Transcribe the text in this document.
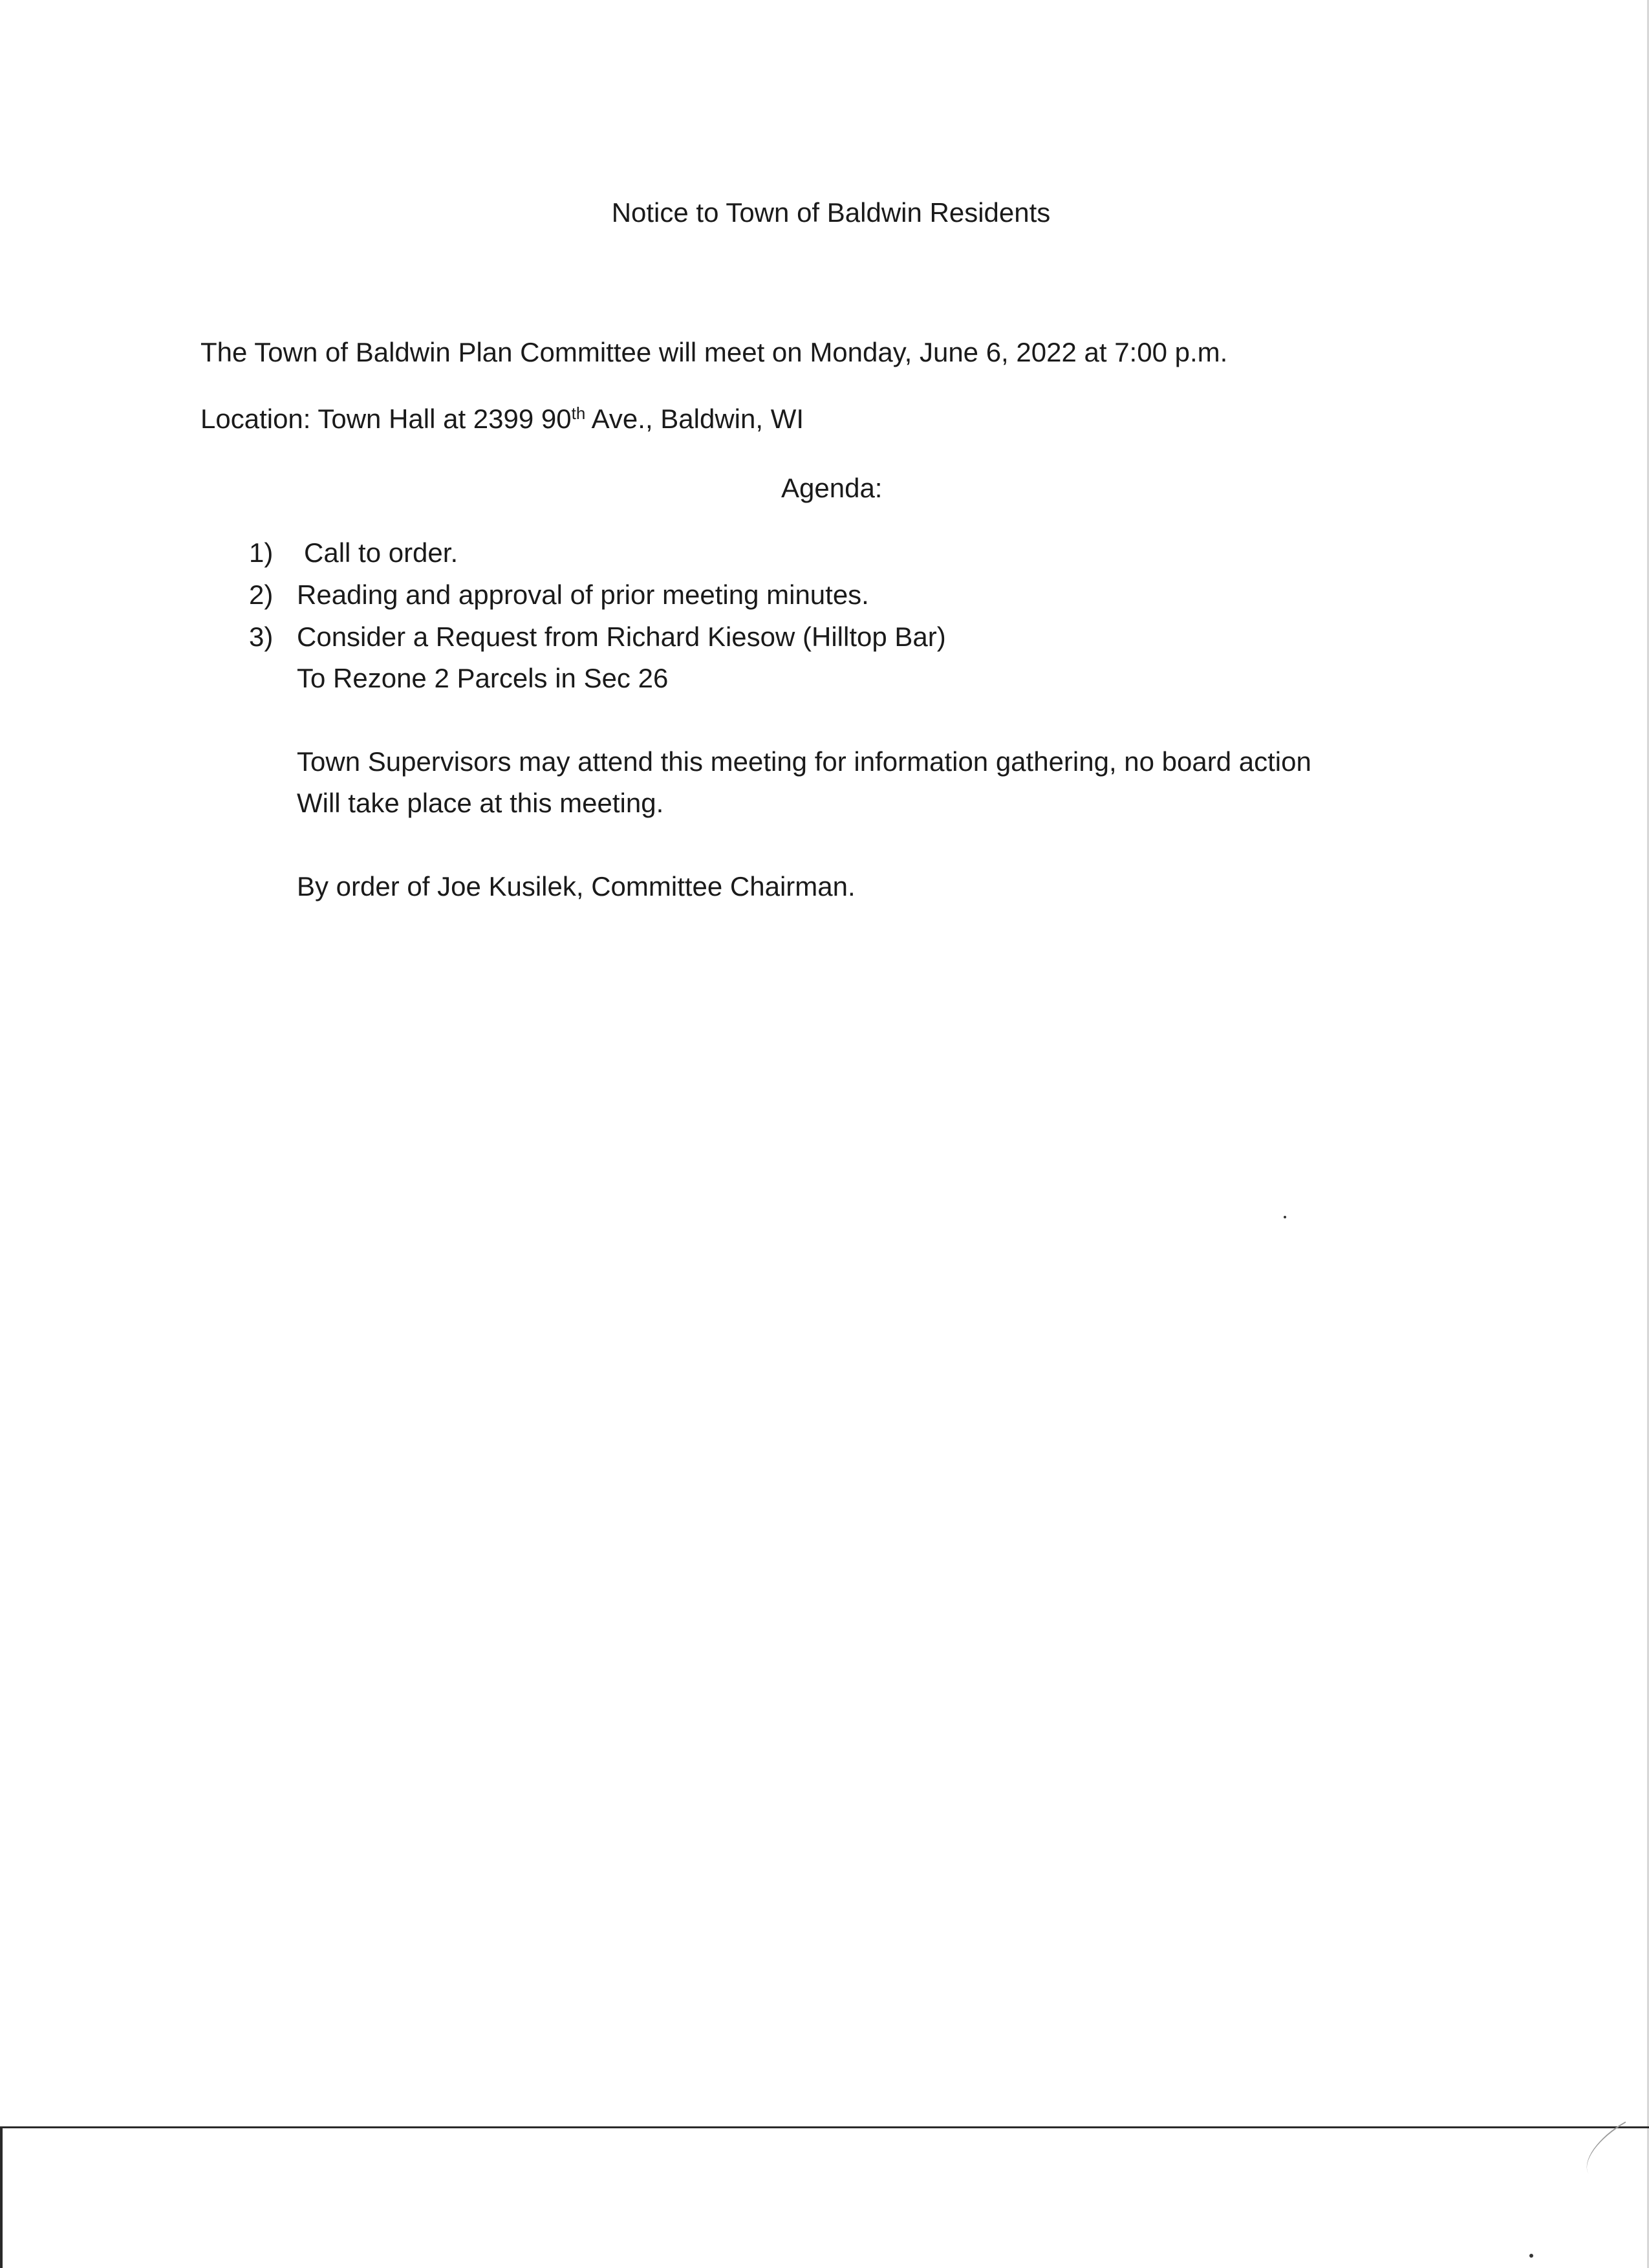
Notice to Town of Baldwin Residents
The Town of Baldwin Plan Committee will meet on Monday, June 6, 2022 at 7:00 p.m.
Location: Town Hall at 2399 90th Ave., Baldwin, WI
Agenda:
1) Call to order.
2) Reading and approval of prior meeting minutes.
3) Consider a Request from Richard Kiesow (Hilltop Bar)
To Rezone 2 Parcels in Sec 26
Town Supervisors may attend this meeting for information gathering, no board action
Will take place at this meeting.
By order of Joe Kusilek, Committee Chairman.
